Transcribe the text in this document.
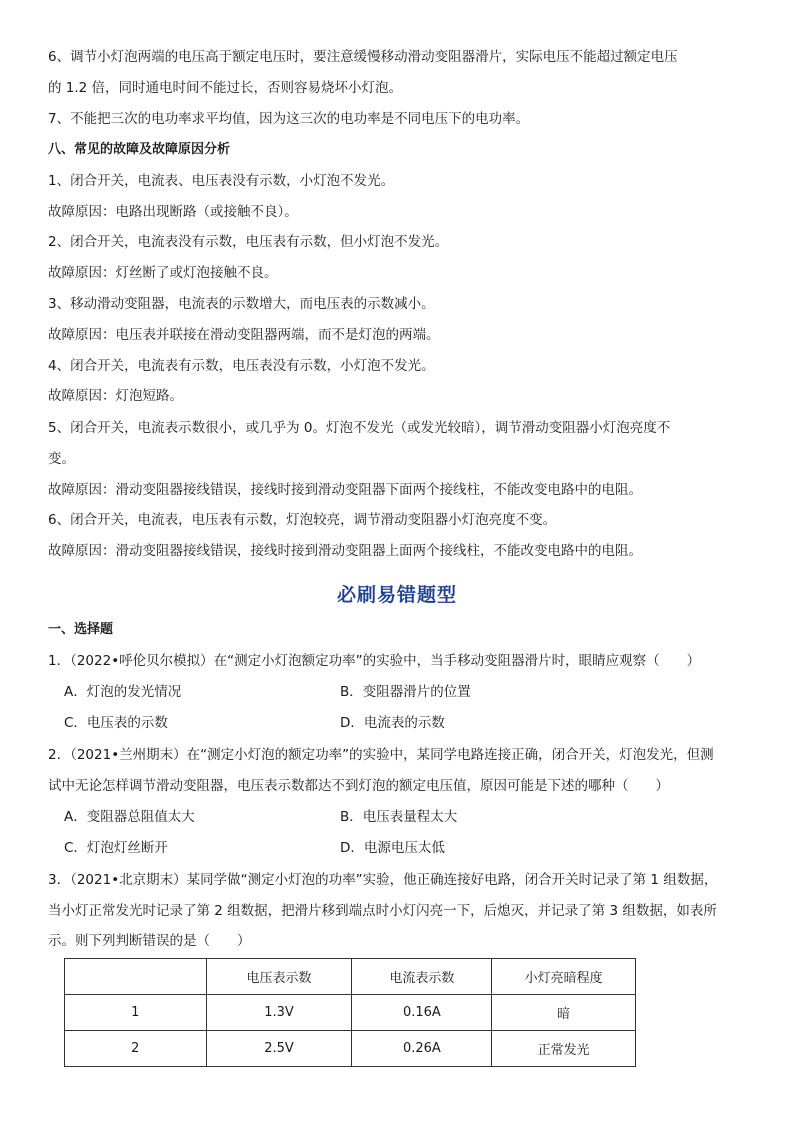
6、调节小灯泡两端的电压高于额定电压时，要注意缓慢移动滑动变阻器滑片，实际电压不能超过额定电压
的 1.2 倍，同时通电时间不能过长，否则容易烧坏小灯泡。
7、不能把三次的电功率求平均值，因为这三次的电功率是不同电压下的电功率。
八、常见的故障及故障原因分析
1、闭合开关，电流表、电压表没有示数，小灯泡不发光。
故障原因：电路出现断路（或接触不良）。
2、闭合开关，电流表没有示数，电压表有示数，但小灯泡不发光。
故障原因：灯丝断了或灯泡接触不良。
3、移动滑动变阻器，电流表的示数增大，而电压表的示数减小。
故障原因：电压表并联接在滑动变阻器两端，而不是灯泡的两端。
4、闭合开关，电流表有示数，电压表没有示数，小灯泡不发光。
故障原因：灯泡短路。
5、闭合开关，电流表示数很小，或几乎为 0。灯泡不发光（或发光较暗），调节滑动变阻器小灯泡亮度不
变。
故障原因：滑动变阻器接线错误，接线时接到滑动变阻器下面两个接线柱，不能改变电路中的电阻。
6、闭合开关，电流表，电压表有示数，灯泡较亮，调节滑动变阻器小灯泡亮度不变。
故障原因：滑动变阻器接线错误，接线时接到滑动变阻器上面两个接线柱，不能改变电路中的电阻。
必刷易错题型
一、选择题
1．（2022•呼伦贝尔模拟）在“测定小灯泡额定功率”的实验中，当手移动变阻器滑片时，眼睛应观察（　　）
A．灯泡的发光情况	B．变阻器滑片的位置
C．电压表的示数	D．电流表的示数
2．（2021•兰州期末）在“测定小灯泡的额定功率”的实验中，某同学电路连接正确，闭合开关，灯泡发光，但测
试中无论怎样调节滑动变阻器，电压表示数都达不到灯泡的额定电压值，原因可能是下述的哪种（　　）
A．变阻器总阻值太大	B．电压表量程太大
C．灯泡灯丝断开	D．电源电压太低
3．（2021•北京期末）某同学做“测定小灯泡的功率”实验，他正确连接好电路，闭合开关时记录了第 1 组数据，
当小灯正常发光时记录了第 2 组数据，把滑片移到端点时小灯闪亮一下，后熄灭，并记录了第 3 组数据，如表所
示。则下列判断错误的是（　　）
	电压表示数	电流表示数	小灯亮暗程度
1	1.3V	0.16A	暗
2	2.5V	0.26A	正常发光
